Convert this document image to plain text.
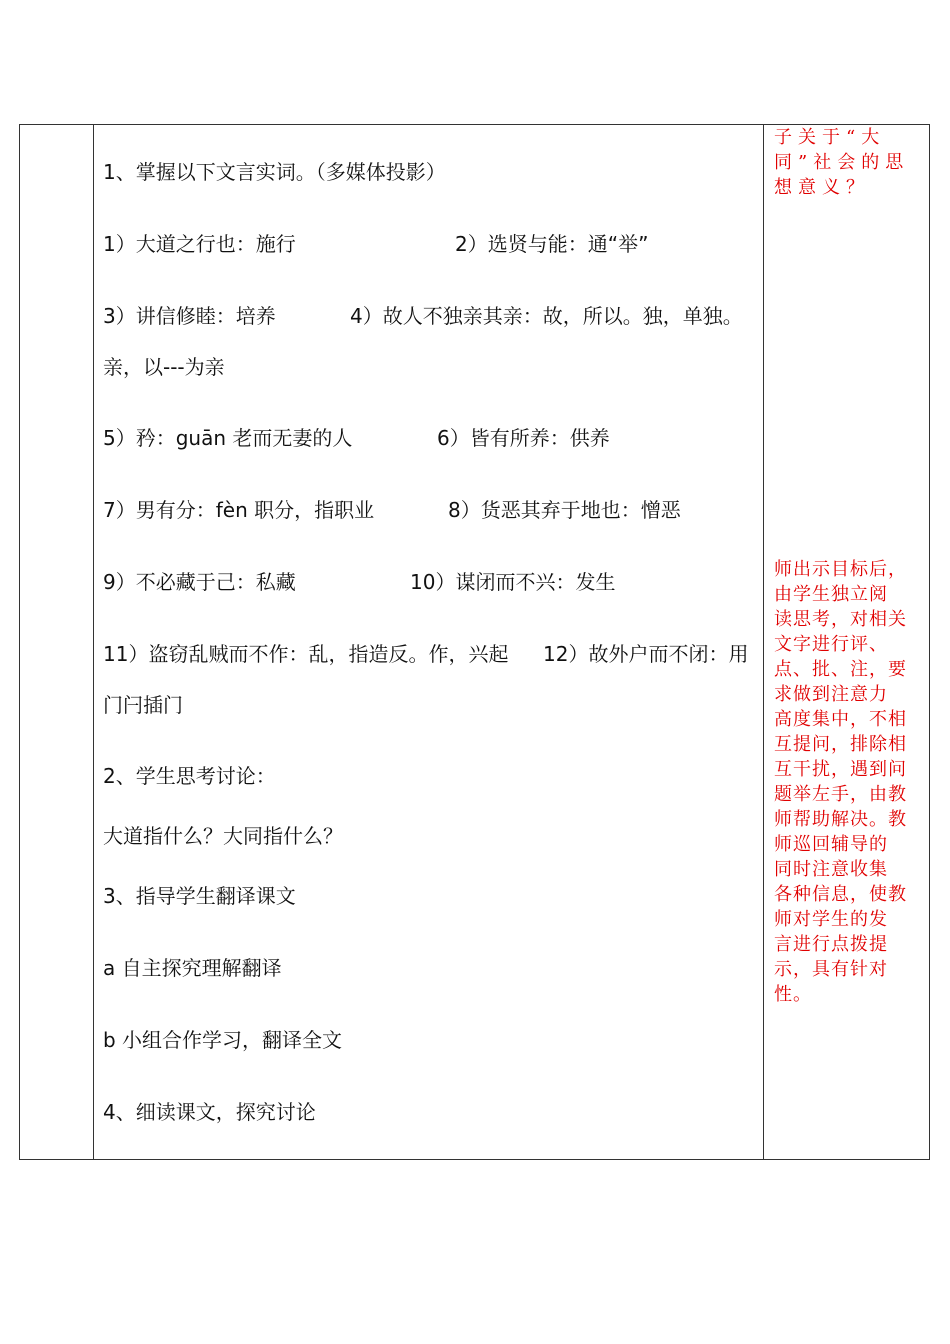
1、掌握以下文言实词。（多媒体投影）
1）大道之行也：施行	2）选贤与能：通“举”
3）讲信修睦：培养	4）故人不独亲其亲：故，所以。独，单独。
亲，以---为亲
5）矜：guān 老而无妻的人	6）皆有所养：供养
7）男有分：fèn 职分，指职业	8）货恶其弃于地也：憎恶
9）不必藏于己：私藏	10）谋闭而不兴：发生
11）盗窃乱贼而不作：乱，指造反。作，兴起 12）故外户而不闭：用
门闩插门
2、学生思考讨论：
大道指什么？大同指什么？
3、指导学生翻译课文
a 自主探究理解翻译
b 小组合作学习，翻译全文
4、细读课文，探究讨论
子关于“大
同”社会的思
想意义？
师出示目标后，
由学生独立阅
读思考，对相关
文字进行评、
点、批、注，要
求做到注意力
高度集中，不相
互提问，排除相
互干扰，遇到问
题举左手，由教
师帮助解决。教
师巡回辅导的
同时注意收集
各种信息，使教
师对学生的发
言进行点拨提
示，具有针对
性。
